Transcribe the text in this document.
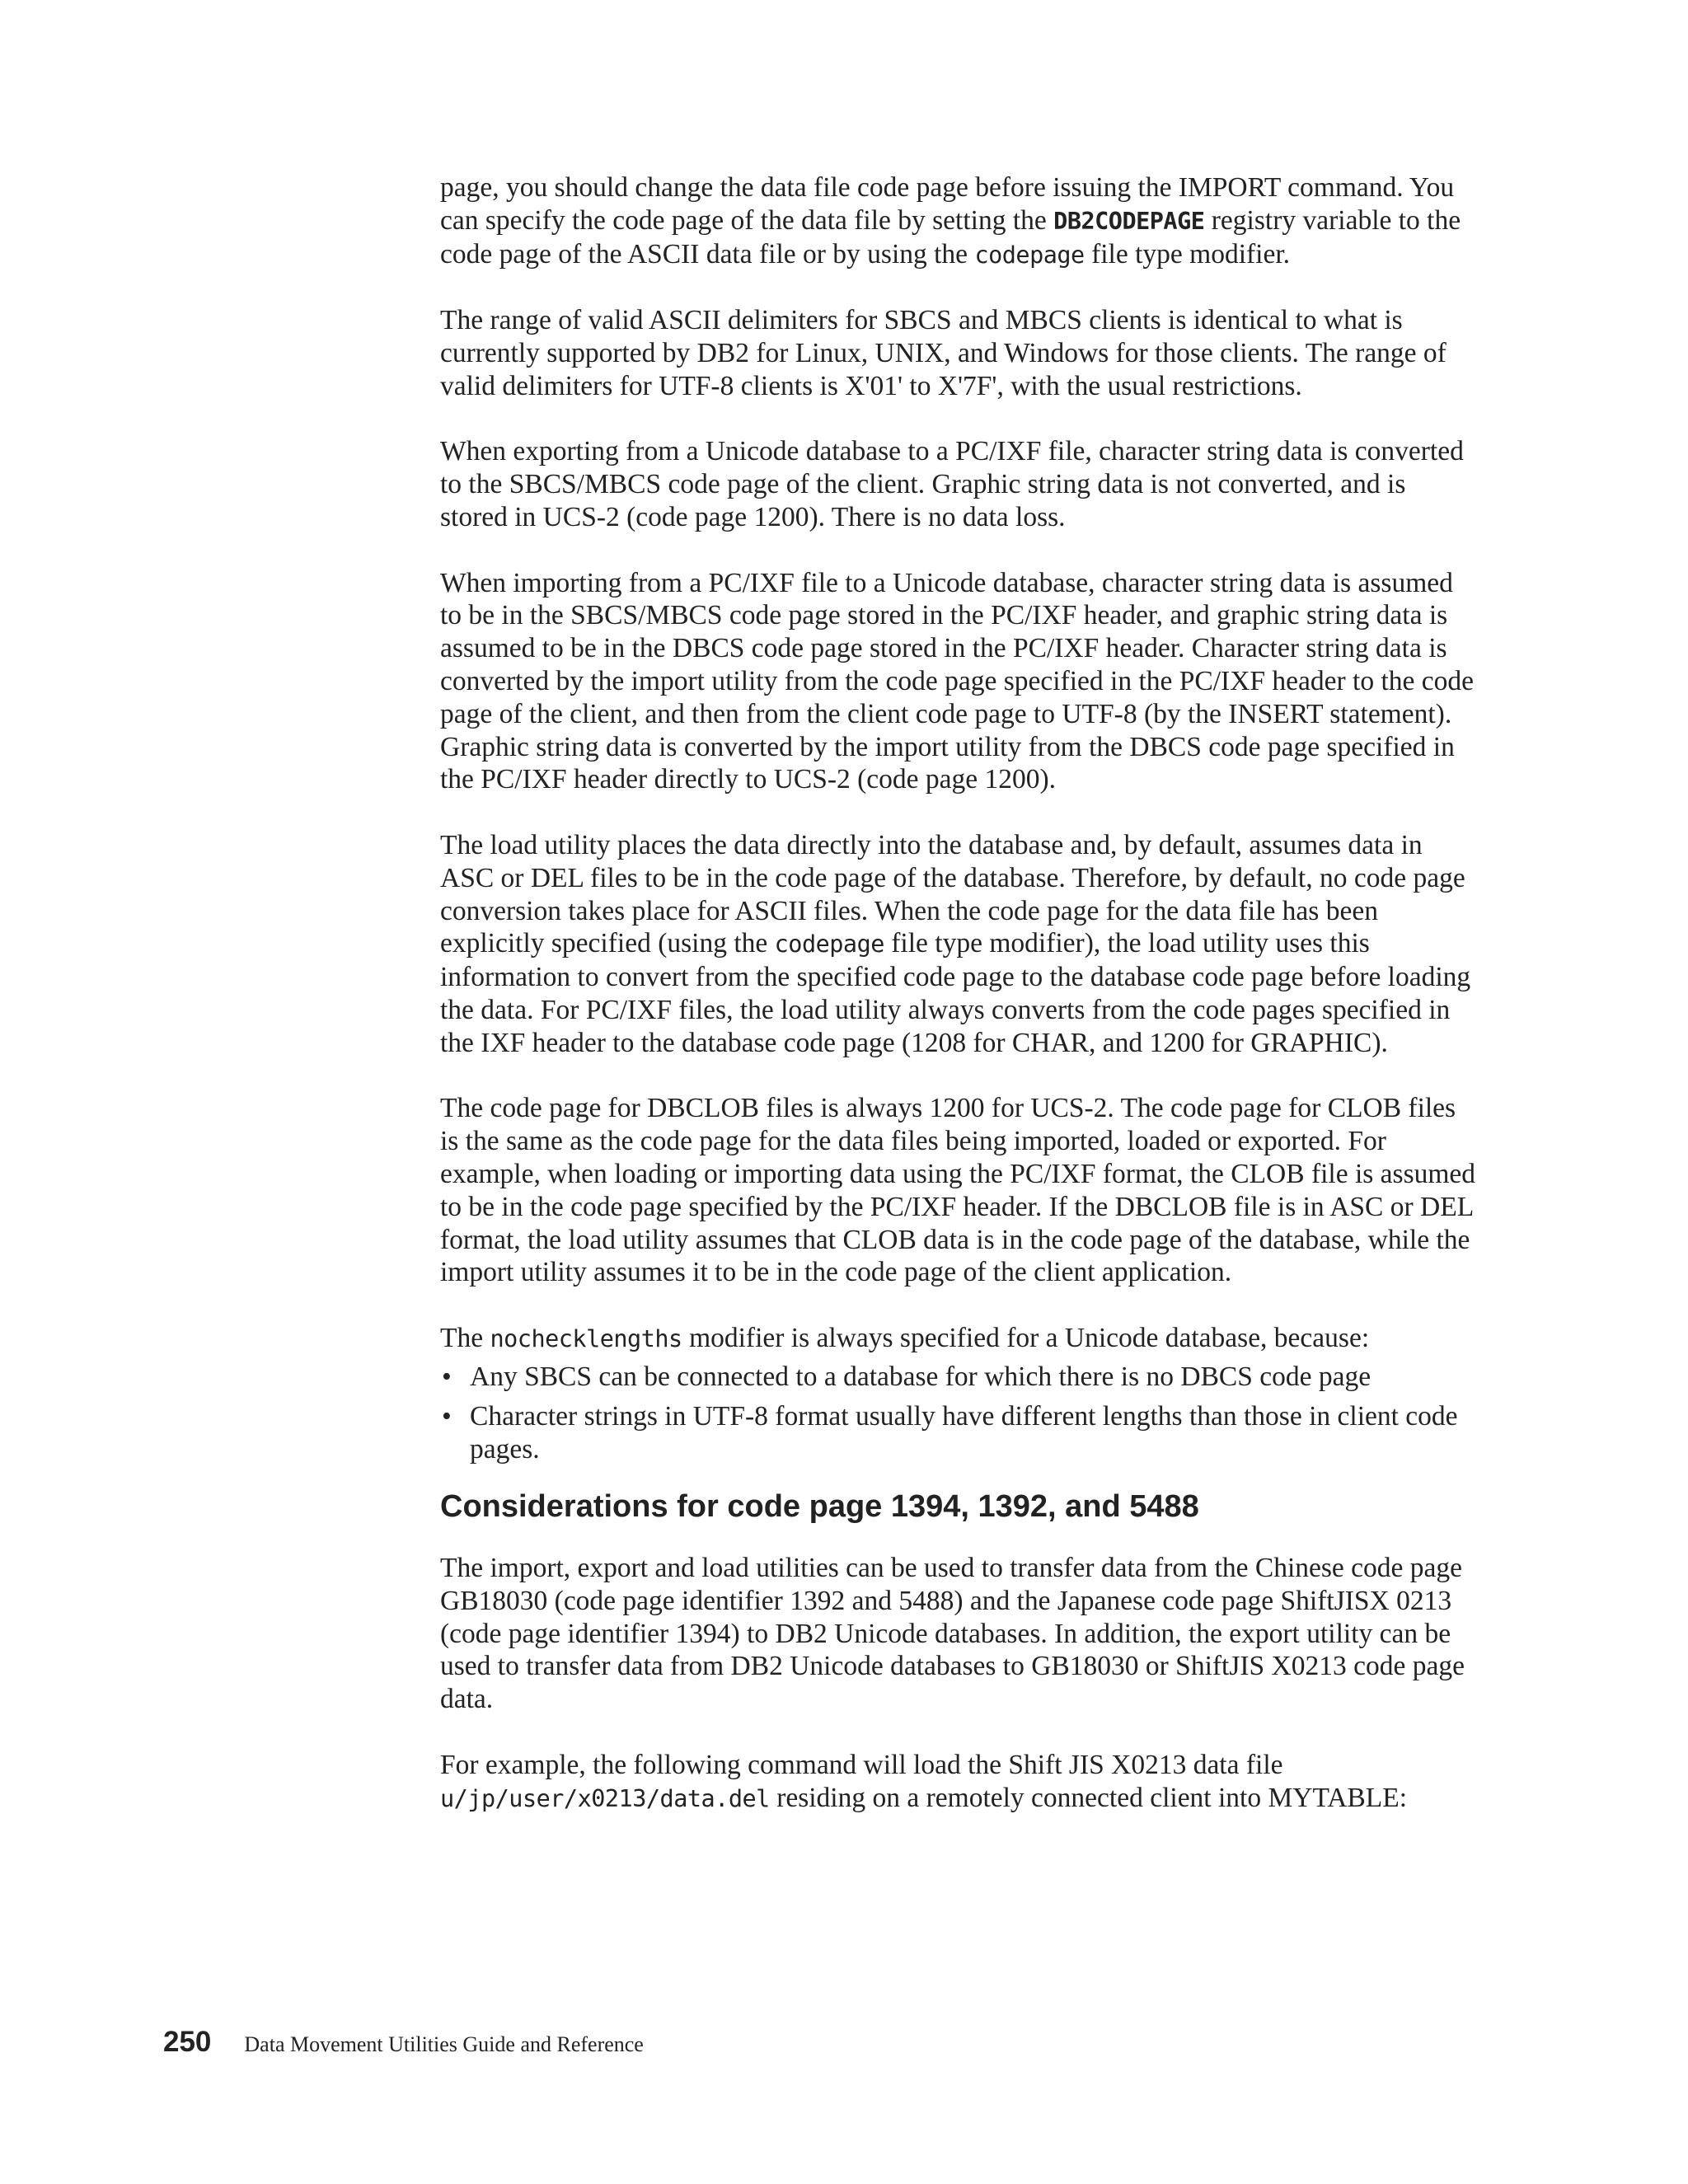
page, you should change the data file code page before issuing the IMPORT command. You can specify the code page of the data file by setting the DB2CODEPAGE registry variable to the code page of the ASCII data file or by using the codepage file type modifier.

The range of valid ASCII delimiters for SBCS and MBCS clients is identical to what is currently supported by DB2 for Linux, UNIX, and Windows for those clients. The range of valid delimiters for UTF-8 clients is X'01' to X'7F', with the usual restrictions.

When exporting from a Unicode database to a PC/IXF file, character string data is converted to the SBCS/MBCS code page of the client. Graphic string data is not converted, and is stored in UCS-2 (code page 1200). There is no data loss.

When importing from a PC/IXF file to a Unicode database, character string data is assumed to be in the SBCS/MBCS code page stored in the PC/IXF header, and graphic string data is assumed to be in the DBCS code page stored in the PC/IXF header. Character string data is converted by the import utility from the code page specified in the PC/IXF header to the code page of the client, and then from the client code page to UTF-8 (by the INSERT statement). Graphic string data is converted by the import utility from the DBCS code page specified in the PC/IXF header directly to UCS-2 (code page 1200).

The load utility places the data directly into the database and, by default, assumes data in ASC or DEL files to be in the code page of the database. Therefore, by default, no code page conversion takes place for ASCII files. When the code page for the data file has been explicitly specified (using the codepage file type modifier), the load utility uses this information to convert from the specified code page to the database code page before loading the data. For PC/IXF files, the load utility always converts from the code pages specified in the IXF header to the database code page (1208 for CHAR, and 1200 for GRAPHIC).

The code page for DBCLOB files is always 1200 for UCS-2. The code page for CLOB files is the same as the code page for the data files being imported, loaded or exported. For example, when loading or importing data using the PC/IXF format, the CLOB file is assumed to be in the code page specified by the PC/IXF header. If the DBCLOB file is in ASC or DEL format, the load utility assumes that CLOB data is in the code page of the database, while the import utility assumes it to be in the code page of the client application.

The nochecklengths modifier is always specified for a Unicode database, because:

• Any SBCS can be connected to a database for which there is no DBCS code page
• Character strings in UTF-8 format usually have different lengths than those in client code pages.
Considerations for code page 1394, 1392, and 5488

The import, export and load utilities can be used to transfer data from the Chinese code page GB18030 (code page identifier 1392 and 5488) and the Japanese code page ShiftJISX 0213 (code page identifier 1394) to DB2 Unicode databases. In addition, the export utility can be used to transfer data from DB2 Unicode databases to GB18030 or ShiftJIS X0213 code page data.

For example, the following command will load the Shift JIS X0213 data file u/jp/user/x0213/data.del residing on a remotely connected client into MYTABLE:

250 Data Movement Utilities Guide and Reference
